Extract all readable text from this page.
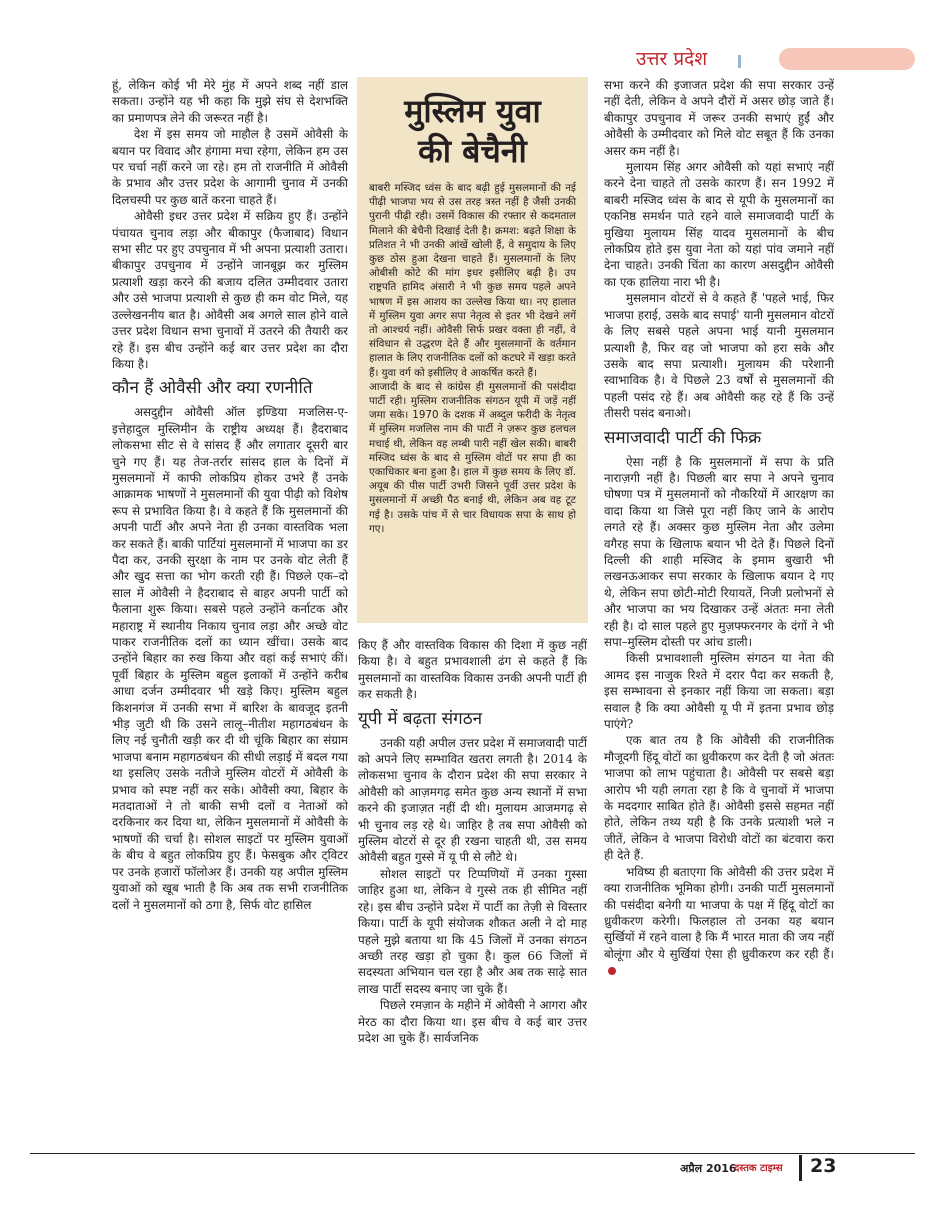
उत्तर प्रदेश

हूं, लेकिन कोई भी मेरे मुंह में अपने शब्द नहीं डाल सकता। उन्होंने यह भी कहा कि मुझे संघ से देशभक्ति का प्रमाणपत्र लेने की जरूरत नहीं है।

देश में इस समय जो माहौल है उसमें ओवैसी के बयान पर विवाद और हंगामा मचा रहेगा, लेकिन हम उस पर चर्चा नहीं करने जा रहे। हम तो राजनीति में ओवैसी के प्रभाव और उत्तर प्रदेश के आगामी चुनाव में उनकी दिलचस्पी पर कुछ बातें करना चाहते हैं।

ओवैसी इधर उत्तर प्रदेश में सक्रिय हुए हैं। उन्होंने पंचायत चुनाव लड़ा और बीकापुर (फैजाबाद) विधान सभा सीट पर हुए उपचुनाव में भी अपना प्रत्याशी उतारा। बीकापुर उपचुनाव में उन्होंने जानबूझ कर मुस्लिम प्रत्याशी खड़ा करने की बजाय दलित उम्मीदवार उतारा और उसे भाजपा प्रत्याशी से कुछ ही कम वोट मिले, यह उल्लेखननीय बात है। ओवैसी अब अगले साल होने वाले उत्तर प्रदेश विधान सभा चुनावों में उतरने की तैयारी कर रहे हैं। इस बीच उन्होंने कई बार उत्तर प्रदेश का दौरा किया है।

कौन हैं ओवैसी और क्या रणनीति

असदुद्दीन ओवैसी ऑल इण्डिया मजलिस-ए-इत्तेहादुल मुस्लिमीन के राष्ट्रीय अध्यक्ष हैं। हैदराबाद लोकसभा सीट से वे सांसद हैं और लगातार दूसरी बार चुने गए हैं। यह तेज-तर्रार सांसद हाल के दिनों में मुसलमानों में काफी लोकप्रिय होकर उभरे हैं उनके आक्रामक भाषणों ने मुसलमानों की युवा पीढ़ी को विशेष रूप से प्रभावित किया है। वे कहते हैं कि मुसलमानों की अपनी पार्टी और अपने नेता ही उनका वास्तविक भला कर सकते हैं। बाकी पार्टियां मुसलमानों में भाजपा का डर पैदा कर, उनकी सुरक्षा के नाम पर उनके वोट लेती हैं और खुद सत्ता का भोग करती रही हैं। पिछले एक–दो साल में ओवैसी ने हैदराबाद से बाहर अपनी पार्टी को फैलाना शुरू किया। सबसे पहले उन्होंने कर्नाटक और महाराष्ट्र में स्थानीय निकाय चुनाव लड़ा और अच्छे वोट पाकर राजनीतिक दलों का ध्यान खींचा। उसके बाद उन्होंने बिहार का रुख किया और वहां कई सभाएं कीं। पूर्वी बिहार के मुस्लिम बहुल इलाकों में उन्होंने करीब आधा दर्जन उम्मीदवार भी खड़े किए। मुस्लिम बहुल किशनगंज में उनकी सभा में बारिश के बावजूद इतनी भीड़ जुटी थी कि उसने लालू–नीतीश महागठबंधन के लिए नई चुनौती खड़ी कर दी थी चूंकि बिहार का संग्राम भाजपा बनाम महागठबंधन की सीधी लड़ाई में बदल गया था इसलिए उसके नतीजे मुस्लिम वोटरों में ओवैसी के प्रभाव को स्पष्ट नहीं कर सके। ओवैसी क्या, बिहार के मतदाताओं ने तो बाकी सभी दलों व नेताओं को दरकिनार कर दिया था, लेकिन मुसलमानों में ओवैसी के भाषणों की चर्चा है। सोशल साइटों पर मुस्लिम युवाओं के बीच वे बहुत लोकप्रिय हुए हैं। फेसबुक और ट्विटर पर उनके हजारों फॉलोअर हैं। उनकी यह अपील मुस्लिम युवाओं को खूब भाती है कि अब तक सभी राजनीतिक दलों ने मुसलमानों को ठगा है, सिर्फ वोट हासिल

मुस्लिम युवा
की बेचैनी

बाबरी मस्जिद ध्वंस के बाद बढ़ी हुई मुसलमानों की नई पीढ़ी भाजपा भय से उस तरह त्रस्त नहीं है जैसी उनकी पुरानी पीढ़ी रही। उसमें विकास की रफ्तार से कदमताल मिलाने की बेचैनी दिखाई देती है। क्रमश: बढ़ते शिक्षा के प्रतिशत ने भी उनकी आंखें खोली हैं, वे समुदाय के लिए कुछ ठोस हुआ देखना चाहते हैं। मुसलमानों के लिए ओबीसी कोटे की मांग इधर इसीलिए बढ़ी है। उप राष्ट्रपति हामिद अंसारी ने भी कुछ समय पहले अपने भाषण में इस आशय का उल्लेख किया था। नए हालात में मुस्लिम युवा अगर सपा नेतृत्व से इतर भी देखने लगें तो आश्चर्य नहीं। ओवैसी सिर्फ प्रखर वक्ता ही नहीं, वे संविधान से उद्धरण देते हैं और मुसलमानों के वर्तमान हालात के लिए राजनीतिक दलों को कटघरे में खड़ा करते हैं। युवा वर्ग को इसीलिए वे आकर्षित करते हैं।

आजादी के बाद से कांग्रेस ही मुसलमानों की पसंदीदा पार्टी रही। मुस्लिम राजनीतिक संगठन यूपी में जड़ें नहीं जमा सके। 1970 के दशक में अब्दुल फरीदी के नेतृत्व में मुस्लिम मजलिस नाम की पार्टी ने ज़रूर कुछ हलचल मचाई थी, लेकिन वह लम्बी पारी नहीं खेल सकी। बाबरी मस्जिद ध्वंस के बाद से मुस्लिम वोटों पर सपा ही का एकाधिकार बना हुआ है। हाल में कुछ समय के लिए डॉ. अयूब की पीस पार्टी उभरी जिसने पूर्वी उत्तर प्रदेश के मुसलमानों में अच्छी पैठ बनाई थी, लेकिन अब वह टूट गई है। उसके पांच में से चार विधायक सपा के साथ हो गए।

किए हैं और वास्तविक विकास की दिशा में कुछ नहीं किया है। वे बहुत प्रभावशाली ढंग से कहते हैं कि मुसलमानों का वास्तविक विकास उनकी अपनी पार्टी ही कर सकती है।

यूपी में बढ़ता संगठन

उनकी यही अपील उत्तर प्रदेश में समाजवादी पार्टी को अपने लिए सम्भावित खतरा लगती है। 2014 के लोकसभा चुनाव के दौरान प्रदेश की सपा सरकार ने ओवैसी को आज़मगढ़ समेत कुछ अन्य स्थानों में सभा करने की इजाज़त नहीं दी थी। मुलायम आजमगढ़ से भी चुनाव लड़ रहे थे। जाहिर है तब सपा ओवैसी को मुस्लिम वोटरों से दूर ही रखना चाहती थी, उस समय ओवैसी बहुत गुस्से में यू पी से लौटे थे।

सोशल साइटों पर टिप्पणियों में उनका गुस्सा जाहिर हुआ था, लेकिन वे गुस्से तक ही सीमित नहीं रहे। इस बीच उन्होंने प्रदेश में पार्टी का तेज़ी से विस्तार किया। पार्टी के यूपी संयोजक शौकत अली ने दो माह पहले मुझे बताया था कि 45 जिलों में उनका संगठन अच्छी तरह खड़ा हो चुका है। कुल 66 जिलों में सदस्यता अभियान चल रहा है और अब तक साढ़े सात लाख पार्टी सदस्य बनाए जा चुके हैं।

पिछले रमज़ान के महीने में ओवैसी ने आगरा और मेरठ का दौरा किया था। इस बीच वे कई बार उत्तर प्रदेश आ चुके हैं। सार्वजनिक

सभा करने की इजाजत प्रदेश की सपा सरकार उन्हें नहीं देती, लेकिन वे अपने दौरों में असर छोड़ जाते हैं। बीकापुर उपचुनाव में जरूर उनकी सभाएं हुईं और ओवैसी के उम्मीदवार को मिले वोट सबूत हैं कि उनका असर कम नहीं है।

मुलायम सिंह अगर ओवैसी को यहां सभाएं नहीं करने देना चाहते तो उसके कारण हैं। सन 1992 में बाबरी मस्जिद ध्वंस के बाद से यूपी के मुसलमानों का एकनिष्ठ समर्थन पाते रहने वाले समाजवादी पार्टी के मुखिया मुलायम सिंह यादव मुसलमानों के बीच लोकप्रिय होते इस युवा नेता को यहां पांव जमाने नहीं देना चाहते। उनकी चिंता का कारण असदुद्दीन ओवैसी का एक हालिया नारा भी है।

मुसलमान वोटरों से वे कहते हैं 'पहले भाई, फिर भाजपा हराई, उसके बाद सपाई' यानी मुसलमान वोटरों के लिए सबसे पहले अपना भाई यानी मुसलमान प्रत्याशी है, फिर वह जो भाजपा को हरा सके और उसके बाद सपा प्रत्याशी। मुलायम की परेशानी स्वाभाविक है। वे पिछले 23 वर्षों से मुसलमानों की पहली पसंद रहे हैं। अब ओवैसी कह रहे हैं कि उन्हें तीसरी पसंद बनाओ।

समाजवादी पार्टी की फिक्र

ऐसा नहीं है कि मुसलमानों में सपा के प्रति नाराज़गी नहीं है। पिछली बार सपा ने अपने चुनाव घोषणा पत्र में मुसलमानों को नौकरियों में आरक्षण का वादा किया था जिसे पूरा नहीं किए जाने के आरोप लगते रहे हैं। अक्सर कुछ मुस्लिम नेता और उलेमा वगैरह सपा के खिलाफ बयान भी देते हैं। पिछले दिनों दिल्ली की शाही मस्जिद के इमाम बुखारी भी लखनऊआकर सपा सरकार के खिलाफ बयान दे गए थे, लेकिन सपा छोटी-मोटी रियायतें, निजी प्रलोभनों से और भाजपा का भय दिखाकर उन्हें अंततः मना लेती रही है। दो साल पहले हुए मुज़फ्फरनगर के दंगों ने भी सपा–मुस्लिम दोस्ती पर आंच डाली।

किसी प्रभावशाली मुस्लिम संगठन या नेता की आमद इस नाजुक रिश्ते में दरार पैदा कर सकती है, इस सम्भावना से इनकार नहीं किया जा सकता। बड़ा सवाल है कि क्या ओवैसी यू पी में इतना प्रभाव छोड़ पाएंगे?

एक बात तय है कि ओवैसी की राजनीतिक मौजूदगी हिंदू वोटों का ध्रुवीकरण कर देती है जो अंततः भाजपा को लाभ पहुंचाता है। ओवैसी पर सबसे बड़ा आरोप भी यही लगता रहा है कि वे चुनावों में भाजपा के मददगार साबित होते हैं। ओवैसी इससे सहमत नहीं होते, लेकिन तथ्य यही है कि उनके प्रत्याशी भले न जीतें, लेकिन वे भाजपा विरोधी वोटों का बंटवारा करा ही देते हैं.

भविष्य ही बताएगा कि ओवैसी की उत्तर प्रदेश में क्या राजनीतिक भूमिका होगी। उनकी पार्टी मुसलमानों की पसंदीदा बनेगी या भाजपा के पक्ष में हिंदू वोटों का ध्रुवीकरण करेगी। फिलहाल तो उनका यह बयान सुर्खियों में रहने वाला है कि मैं भारत माता की जय नहीं बोलूंगा और ये सुर्खियां ऐसा ही ध्रुवीकरण कर रही हैं।

अप्रैल 2016
दस्तक टाइम्स 23
